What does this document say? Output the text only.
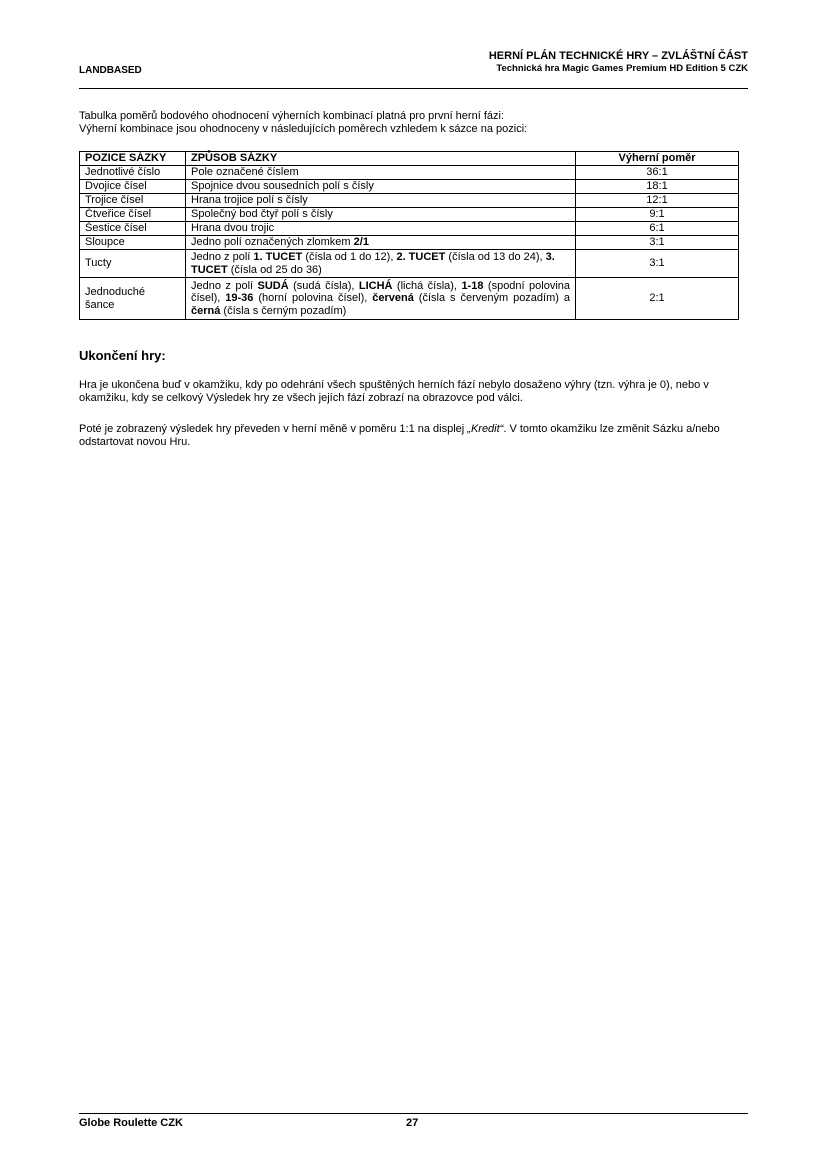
LANDBASED
HERNÍ PLÁN TECHNICKÉ HRY – ZVLÁŠTNÍ ČÁST
Technická hra Magic Games Premium HD Edition 5 CZK
Tabulka poměrů bodového ohodnocení výherních kombinací platná pro první herní fázi:
Výherní kombinace jsou ohodnoceny v následujících poměrech vzhledem k sázce na pozici:
POZICE SÁZKY	ZPŮSOB SÁZKY	Výherní poměr
Jednotlivé číslo	Pole označené číslem	36:1
Dvojice čísel	Spojnice dvou sousedních polí s čísly	18:1
Trojice čísel	Hrana trojice polí s čísly	12:1
Čtveřice čísel	Společný bod čtyř polí s čísly	9:1
Šestice čísel	Hrana dvou trojic	6:1
Sloupce	Jedno polí označených zlomkem 2/1	3:1
Tucty	Jedno z polí 1. TUCET (čísla od 1 do 12), 2. TUCET (čísla od 13 do 24), 3. TUCET (čísla od 25 do 36)	3:1
Jednoduché
šance	Jedno z polí SUDÁ (sudá čísla), LICHÁ (lichá čísla), 1-18 (spodní polovina čísel), 19-36 (horní polovina čísel), červená (čísla s červeným pozadím) a černá (čísla s černým pozadím)	2:1
Ukončení hry:
Hra je ukončena buď v okamžiku, kdy po odehrání všech spuštěných herních fází nebylo dosaženo výhry (tzn. výhra je 0), nebo v okamžiku, kdy se celkový Výsledek hry ze všech jejích fází zobrazí na obrazovce pod válci.
Poté je zobrazený výsledek hry převeden v herní měně v poměru 1:1 na displej „Kredit“. V tomto okamžiku lze změnit Sázku a/nebo odstartovat novou Hru.
Globe Roulette CZK	27
